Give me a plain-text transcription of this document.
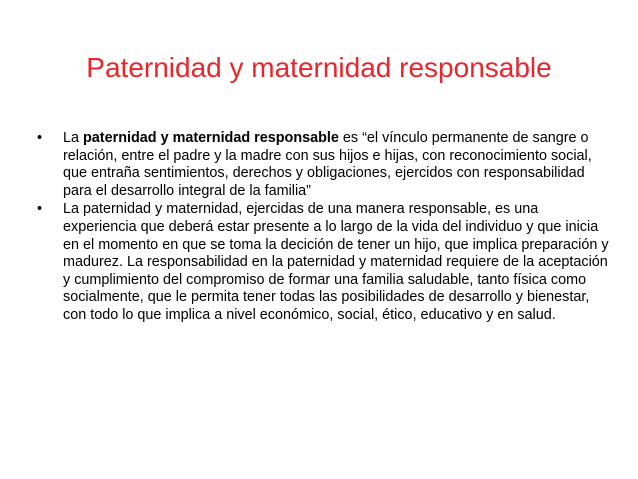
Paternidad y maternidad responsable
•	La paternidad y maternidad responsable es “el vínculo permanente de sangre o relación, entre el padre y la madre con sus hijos e hijas, con reconocimiento social, que entraña sentimientos, derechos y obligaciones, ejercidos con responsabilidad para el desarrollo integral de la familia”
•	La paternidad y maternidad, ejercidas de una manera responsable, es una experiencia que deberá estar presente a lo largo de la vida del individuo y que inicia en el momento en que se toma la decición de tener un hijo, que implica preparación y madurez. La responsabilidad en la paternidad y maternidad requiere de la aceptación y cumplimiento del compromiso de formar una familia saludable, tanto física como socialmente, que le permita tener todas las posibilidades de desarrollo y bienestar, con todo lo que implica a nivel económico, social, ético, educativo y en salud.
